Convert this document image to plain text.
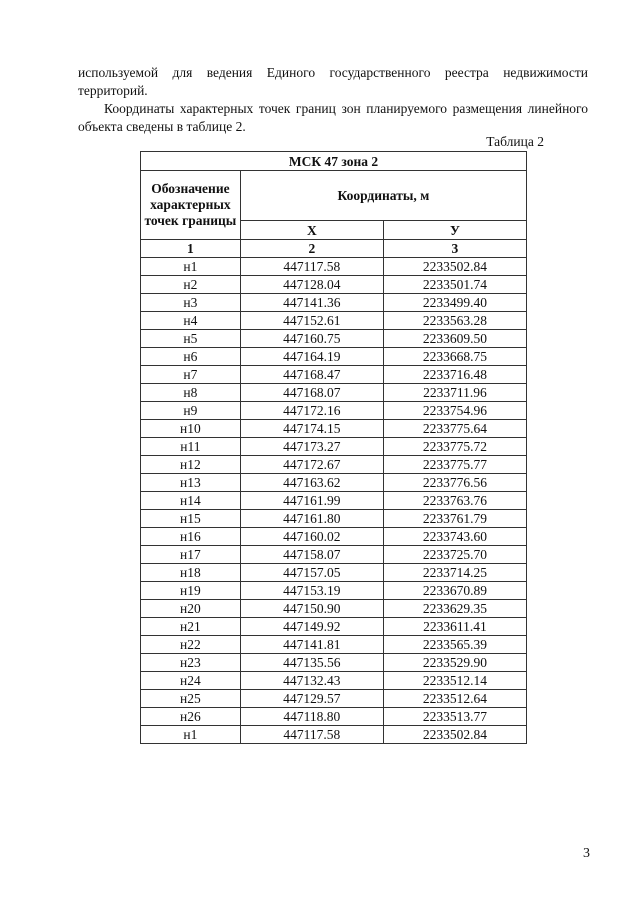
используемой для ведения Единого государственного реестра недвижимости территорий.
Координаты характерных точек границ зон планируемого размещения линейного объекта сведены в таблице 2.
Таблица 2
МСК 47 зона 2		
Обозначение характерных точек границы	Координаты, м	
	Х	У
1	2	3
н1	447117.58	2233502.84
н2	447128.04	2233501.74
н3	447141.36	2233499.40
н4	447152.61	2233563.28
н5	447160.75	2233609.50
н6	447164.19	2233668.75
н7	447168.47	2233716.48
н8	447168.07	2233711.96
н9	447172.16	2233754.96
н10	447174.15	2233775.64
н11	447173.27	2233775.72
н12	447172.67	2233775.77
н13	447163.62	2233776.56
н14	447161.99	2233763.76
н15	447161.80	2233761.79
н16	447160.02	2233743.60
н17	447158.07	2233725.70
н18	447157.05	2233714.25
н19	447153.19	2233670.89
н20	447150.90	2233629.35
н21	447149.92	2233611.41
н22	447141.81	2233565.39
н23	447135.56	2233529.90
н24	447132.43	2233512.14
н25	447129.57	2233512.64
н26	447118.80	2233513.77
н1	447117.58	2233502.84
3
